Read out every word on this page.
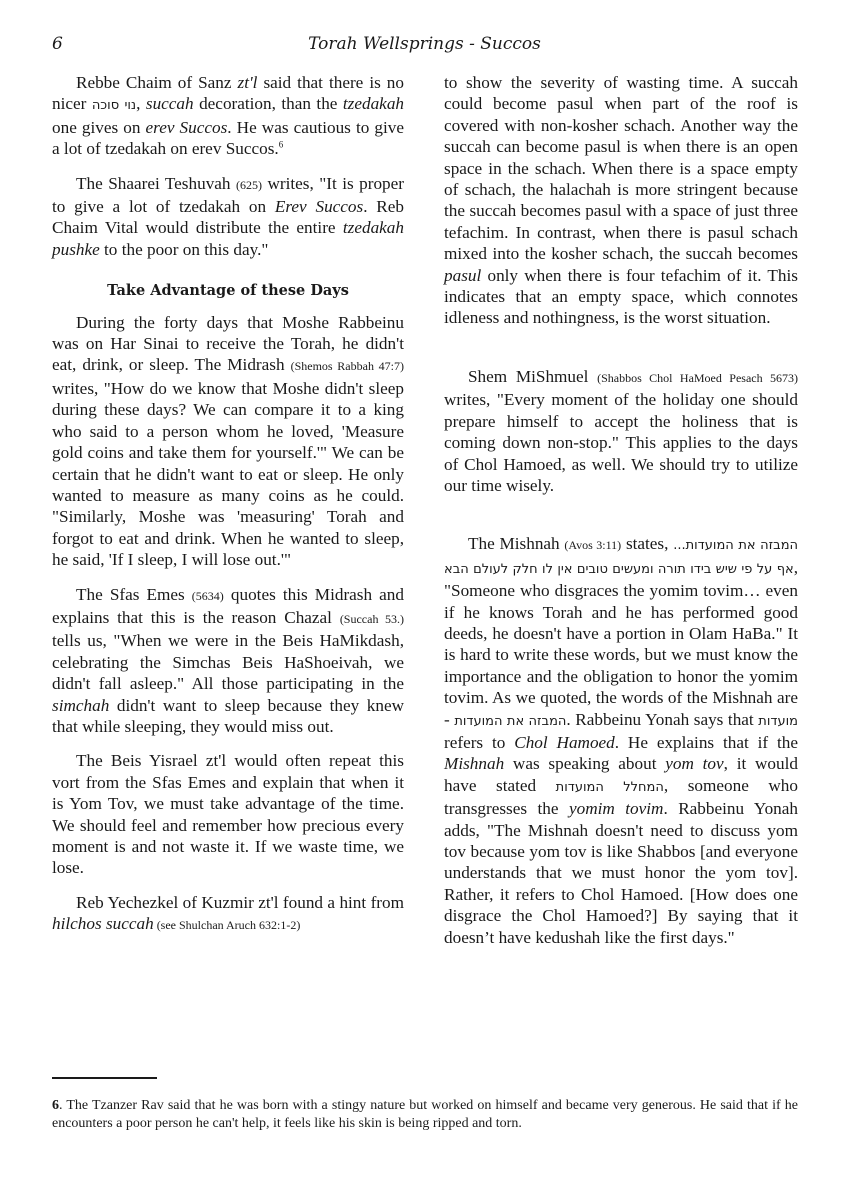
6	Torah Wellsprings - Succos

Rebbe Chaim of Sanz zt'l said that there is no nicer נוי סוכה, succah decoration, than the tzedakah one gives on erev Succos. He was cautious to give a lot of tzedakah on erev Succos.$^6$

The Shaarei Teshuvah (625) writes, "It is proper to give a lot of tzedakah on Erev Succos. Reb Chaim Vital would distribute the entire tzedakah pushke to the poor on this day."

Take Advantage of these Days

During the forty days that Moshe Rabbeinu was on Har Sinai to receive the Torah, he didn't eat, drink, or sleep. The Midrash (Shemos Rabbah 47:7) writes, "How do we know that Moshe didn't sleep during these days? We can compare it to a king who said to a person whom he loved, 'Measure gold coins and take them for yourself.'" We can be certain that he didn't want to eat or sleep. He only wanted to measure as many coins as he could. "Similarly, Moshe was 'measuring' Torah and forgot to eat and drink. When he wanted to sleep, he said, 'If I sleep, I will lose out.'"

The Sfas Emes (5634) quotes this Midrash and explains that this is the reason Chazal (Succah 53.) tells us, "When we were in the Beis HaMikdash, celebrating the Simchas Beis HaShoeivah, we didn't fall asleep." All those participating in the simchah didn't want to sleep because they knew that while sleeping, they would miss out.

The Beis Yisrael zt'l would often repeat this vort from the Sfas Emes and explain that when it is Yom Tov, we must take advantage of the time. We should feel and remember how precious every moment is and not waste it. If we waste time, we lose.

Reb Yechezkel of Kuzmir zt'l found a hint from hilchos succah (see Shulchan Aruch 632:1-2)

to show the severity of wasting time. A succah could become pasul when part of the roof is covered with non-kosher schach. Another way the succah can become pasul is when there is an open space in the schach. When there is a space empty of schach, the halachah is more stringent because the succah becomes pasul with a space of just three tefachim. In contrast, when there is pasul schach mixed into the kosher schach, the succah becomes pasul only when there is four tefachim of it. This indicates that an empty space, which connotes idleness and nothingness, is the worst situation.

Shem MiShmuel (Shabbos Chol HaMoed Pesach 5673) writes, "Every moment of the holiday one should prepare himself to accept the holiness that is coming down non-stop." This applies to the days of Chol Hamoed, as well. We should try to utilize our time wisely.

The Mishnah (Avos 3:11) states, המבזה את המועדות... אף על פי שיש בידו תורה ומעשים טובים אין לו חלק לעולם הבא, "Someone who disgraces the yomim tovim… even if he knows Torah and he has performed good deeds, he doesn't have a portion in Olam HaBa." It is hard to write these words, but we must know the importance and the obligation to honor the yomim tovim. As we quoted, the words of the Mishnah are - המבזה את המועדות. Rabbeinu Yonah says that מועדות refers to Chol Hamoed. He explains that if the Mishnah was speaking about yom tov, it would have stated המחלל המועדות, someone who transgresses the yomim tovim. Rabbeinu Yonah adds, "The Mishnah doesn't need to discuss yom tov because yom tov is like Shabbos [and everyone understands that we must honor the yom tov]. Rather, it refers to Chol Hamoed. [How does one disgrace the Chol Hamoed?] By saying that it doesn’t have kedushah like the first days."

6. The Tzanzer Rav said that he was born with a stingy nature but worked on himself and became very generous. He said that if he encounters a poor person he can't help, it feels like his skin is being ripped and torn.
